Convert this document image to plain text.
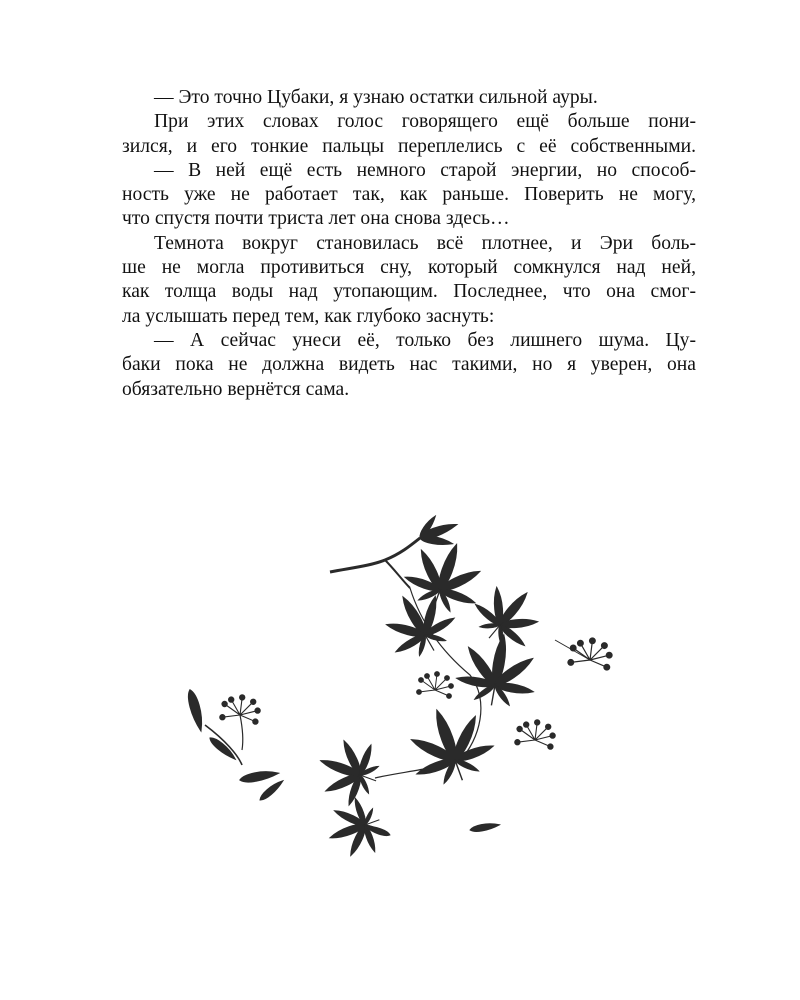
— Это точно Цубаки, я узнаю остатки сильной ауры.
При этих словах голос говорящего ещё больше пони-
зился, и его тонкие пальцы переплелись с её собственными.
— В ней ещё есть немного старой энергии, но способ-
ность уже не работает так, как раньше. Поверить не могу,
что спустя почти триста лет она снова здесь…
Темнота вокруг становилась всё плотнее, и Эри боль-
ше не могла противиться сну, который сомкнулся над ней,
как толща воды над утопающим. Последнее, что она смог-
ла услышать перед тем, как глубоко заснуть:
— А сейчас унеси её, только без лишнего шума. Цу-
баки пока не должна видеть нас такими, но я уверен, она
обязательно вернётся сама.
